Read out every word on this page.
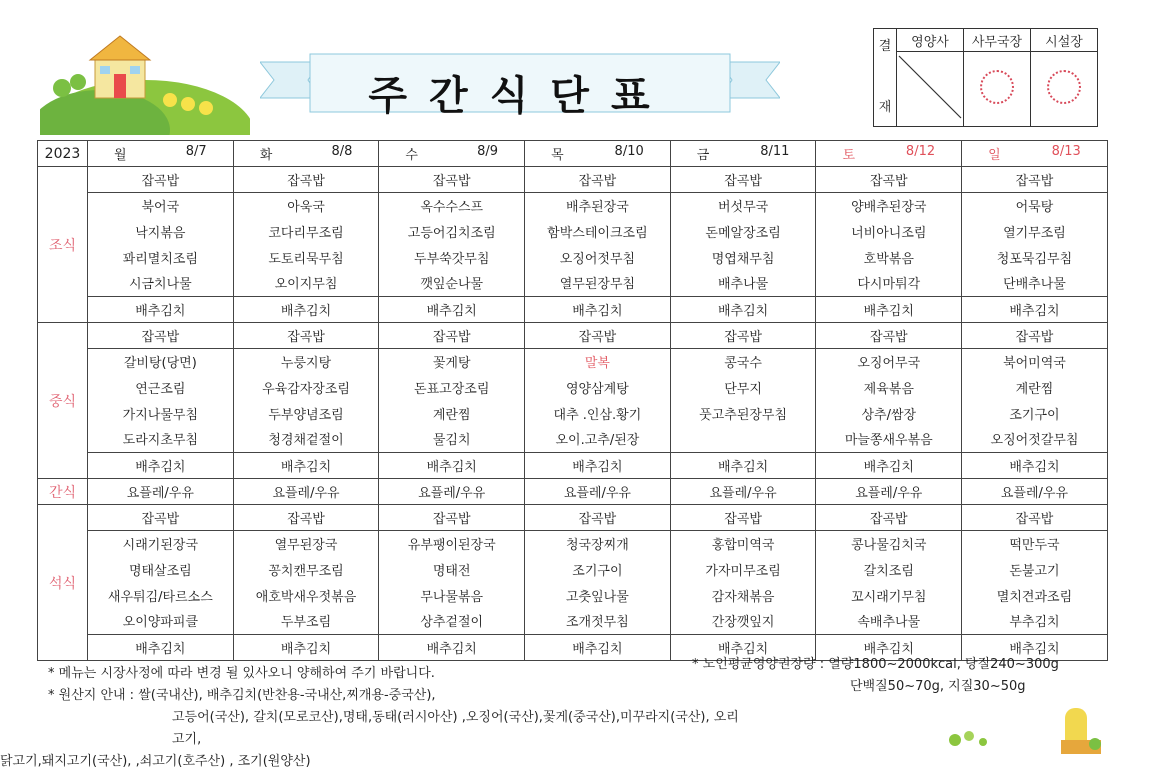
주간식단표
결
재	영양사	사무국장	시설장

2023	월 8/7	화 8/8	수 8/9	목 8/10	금 8/11	토 8/12	일 8/13

조식	잡곡밥	잡곡밥	잡곡밥	잡곡밥	잡곡밥	잡곡밥	잡곡밥
	북어국	아욱국	옥수수스프	배추된장국	버섯무국	양배추된장국	어묵탕
	낙지볶음	코다리무조림	고등어김치조림	함박스테이크조림	돈메알장조림	너비아니조림	열기무조림
	꽈리멸치조림	도토리묵무침	두부쑥갓무침	오징어젓무침	명엽채무침	호박볶음	청포묵김무침
	시금치나물	오이지무침	깻잎순나물	열무된장무침	배추나물	다시마튀각	단배추나물
	배추김치	배추김치	배추김치	배추김치	배추김치	배추김치	배추김치
중식	잡곡밥	잡곡밥	잡곡밥	잡곡밥	잡곡밥	잡곡밥	잡곡밥
	갈비탕(당면)	누룽지탕	꽃게탕	말복	콩국수	오징어무국	북어미역국
	연근조림	우육감자장조림	돈표고장조림	영양삼계탕	단무지	제육볶음	계란찜
	가지나물무침	두부양념조림	계란찜	대추 .인삼.황기	풋고추된장무침	상추/쌈장	조기구이
	도라지초무침	청경채겉절이	물김치	오이.고추/된장		마늘쫑새우볶음	오징어젓갈무침
	배추김치	배추김치	배추김치	배추김치	배추김치	배추김치	배추김치
간식	요플레/우유	요플레/우유	요플레/우유	요플레/우유	요플레/우유	요플레/우유	요플레/우유
석식	잡곡밥	잡곡밥	잡곡밥	잡곡밥	잡곡밥	잡곡밥	잡곡밥
	시래기된장국	열무된장국	유부팽이된장국	청국장찌개	홍합미역국	콩나물김치국	떡만두국
	명태살조림	꽁치캔무조림	명태전	조기구이	가자미무조림	갈치조림	돈불고기
	새우튀김/타르소스	애호박새우젓볶음	무나물볶음	고춧잎나물	감자채볶음	꼬시래기무침	멸치견과조림
	오이양파피클	두부조림	상추겉절이	조개젓무침	간장깻잎지	속배추나물	부추김치
	배추김치	배추김치	배추김치	배추김치	배추김치	배추김치	배추김치
* 메뉴는 시장사정에 따라 변경 될 있사오니 양해하여 주기 바랍니다.
* 원산지 안내 : 쌀(국내산), 배추김치(반찬용-국내산,찌개용-중국산),
고등어(국산), 갈치(모로코산),명태,동태(러시아산) ,오징어(국산),꽃게(중국산),미꾸라지(국산), 오리고기,
닭고기,돼지고기(국산), ,쇠고기(호주산) , 조기(원양산)
* 노인평균영양권장량 : 열량1800~2000kcal, 당질240~300g
단백질50~70g, 지질30~50g
